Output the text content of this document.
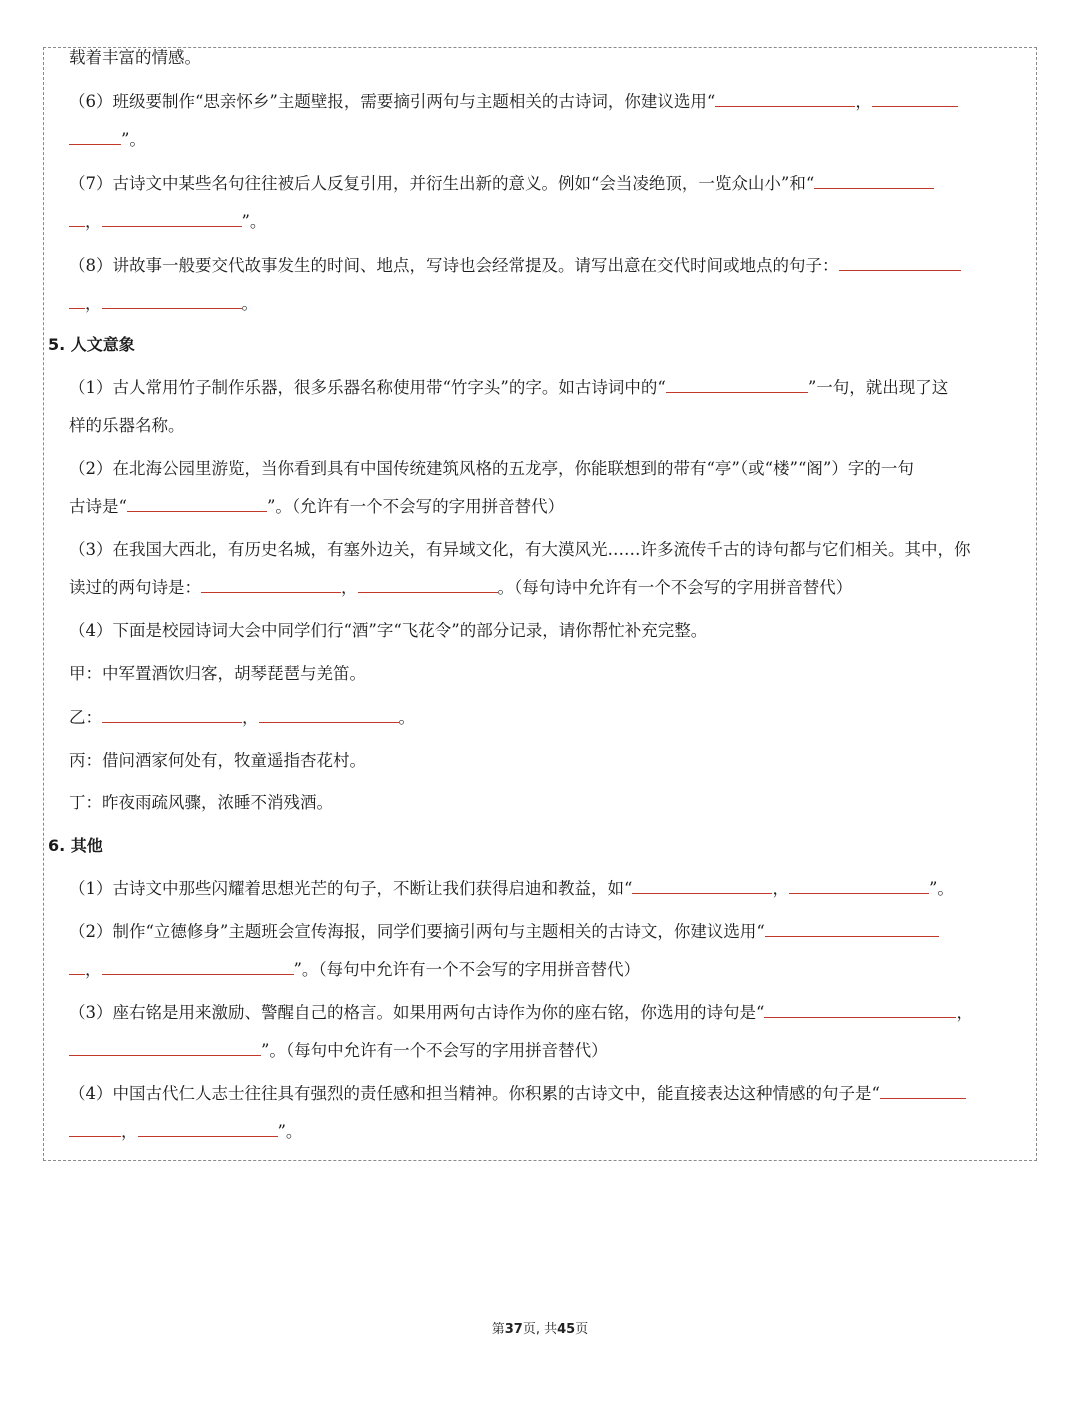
载着丰富的情感。
（6）班级要制作“思亲怀乡”主题壁报，需要摘引两句与主题相关的古诗词，你建议选用“	，
”。
（7）古诗文中某些名句往往被后人反复引用，并衍生出新的意义。例如“会当凌绝顶，一览众山小”和“
，	”。
（8）讲故事一般要交代故事发生的时间、地点，写诗也会经常提及。请写出意在交代时间或地点的句子：
，	。
5. 人文意象
（1）古人常用竹子制作乐器，很多乐器名称使用带“竹字头”的字。如古诗词中的“	”一句，就出现了这
样的乐器名称。
（2）在北海公园里游览，当你看到具有中国传统建筑风格的五龙亭，你能联想到的带有“亭”（或“楼”“阁”）字的一句
古诗是“	”。（允许有一个不会写的字用拼音替代）
（3）在我国大西北，有历史名城，有塞外边关，有异域文化，有大漠风光……许多流传千古的诗句都与它们相关。其中，你
读过的两句诗是：	，	。（每句诗中允许有一个不会写的字用拼音替代）
（4）下面是校园诗词大会中同学们行“酒”字“飞花令”的部分记录，请你帮忙补充完整。
甲：中军置酒饮归客，胡琴琵琶与羌笛。
乙：	，	。
丙：借问酒家何处有，牧童遥指杏花村。
丁：昨夜雨疏风骤，浓睡不消残酒。
6. 其他
（1）古诗文中那些闪耀着思想光芒的句子，不断让我们获得启迪和教益，如“	，	”。
（2）制作“立德修身”主题班会宣传海报，同学们要摘引两句与主题相关的古诗文，你建议选用“
，	”。（每句中允许有一个不会写的字用拼音替代）
（3）座右铭是用来激励、警醒自己的格言。如果用两句古诗作为你的座右铭，你选用的诗句是“	，
”。（每句中允许有一个不会写的字用拼音替代）
（4）中国古代仁人志士往往具有强烈的责任感和担当精神。你积累的古诗文中，能直接表达这种情感的句子是“
，	”。
第37页, 共45页
